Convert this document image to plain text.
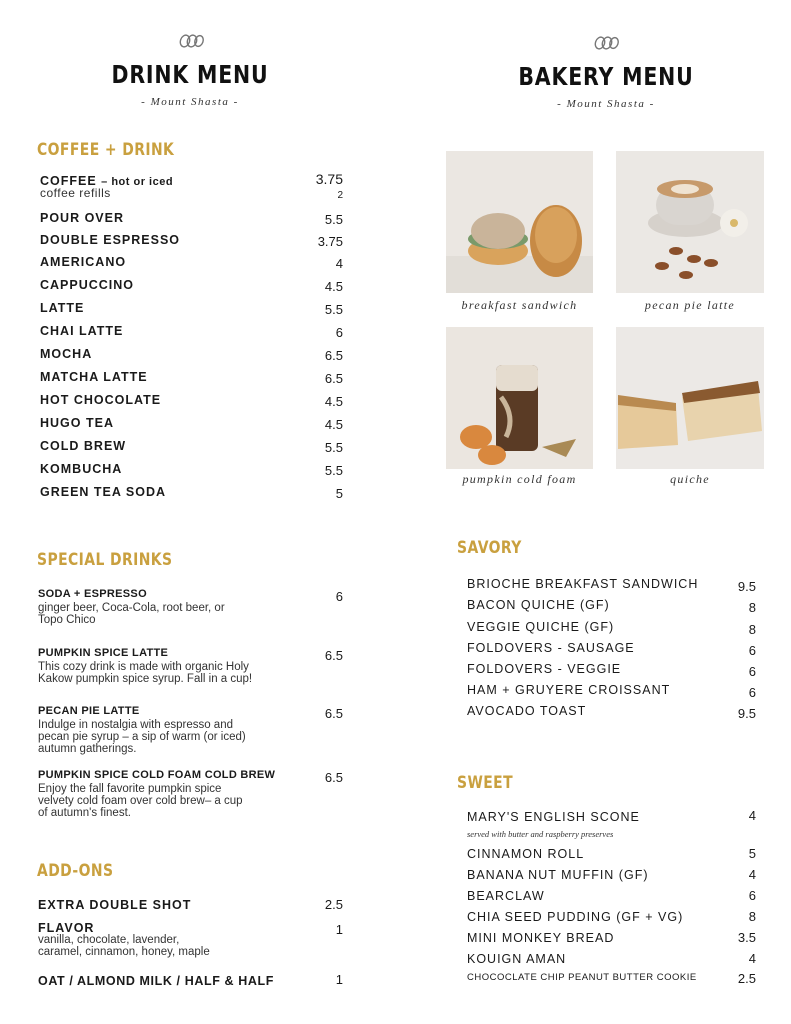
DRINK MENU
- Mount Shasta -
COFFEE + DRINK
COFFEE – hot or iced	3.75
coffee refills	2
POUR OVER	5.5
DOUBLE ESPRESSO	3.75
AMERICANO	4
CAPPUCCINO	4.5
LATTE	5.5
CHAI LATTE	6
MOCHA	6.5
MATCHA LATTE	6.5
HOT CHOCOLATE	4.5
HUGO TEA	4.5
COLD BREW	5.5
KOMBUCHA	5.5
GREEN TEA SODA	5
SPECIAL DRINKS
SODA + ESPRESSO	6
ginger beer, Coca-Cola, root beer, or
Topo Chico
PUMPKIN SPICE LATTE	6.5
This cozy drink is made with organic Holy
Kakow pumpkin spice syrup. Fall in a cup!
PECAN PIE LATTE	6.5
Indulge in nostalgia with espresso and
pecan pie syrup – a sip of warm (or iced)
autumn gatherings.
PUMPKIN SPICE COLD FOAM COLD BREW	6.5
Enjoy the fall favorite pumpkin spice
velvety cold foam over cold brew– a cup
of autumn's finest.
ADD-ONS
EXTRA DOUBLE SHOT	2.5
FLAVOR	1
vanilla, chocolate, lavender,
caramel, cinnamon, honey, maple
OAT / ALMOND MILK / HALF & HALF	1
BAKERY MENU
- Mount Shasta -
breakfast sandwich	pecan pie latte
pumpkin cold foam	quiche
SAVORY
BRIOCHE BREAKFAST SANDWICH	9.5
BACON QUICHE (GF)	8
VEGGIE QUICHE (GF)	8
FOLDOVERS - SAUSAGE	6
FOLDOVERS - VEGGIE	6
HAM + GRUYERE CROISSANT	6
AVOCADO TOAST	9.5
SWEET
MARY'S ENGLISH SCONE	4
served with butter and raspberry preserves
CINNAMON ROLL	5
BANANA NUT MUFFIN (GF)	4
BEARCLAW	6
CHIA SEED PUDDING (GF + VG)	8
MINI MONKEY BREAD	3.5
KOUIGN AMAN	4
CHOCOCLATE CHIP PEANUT BUTTER COOKIE	2.5
